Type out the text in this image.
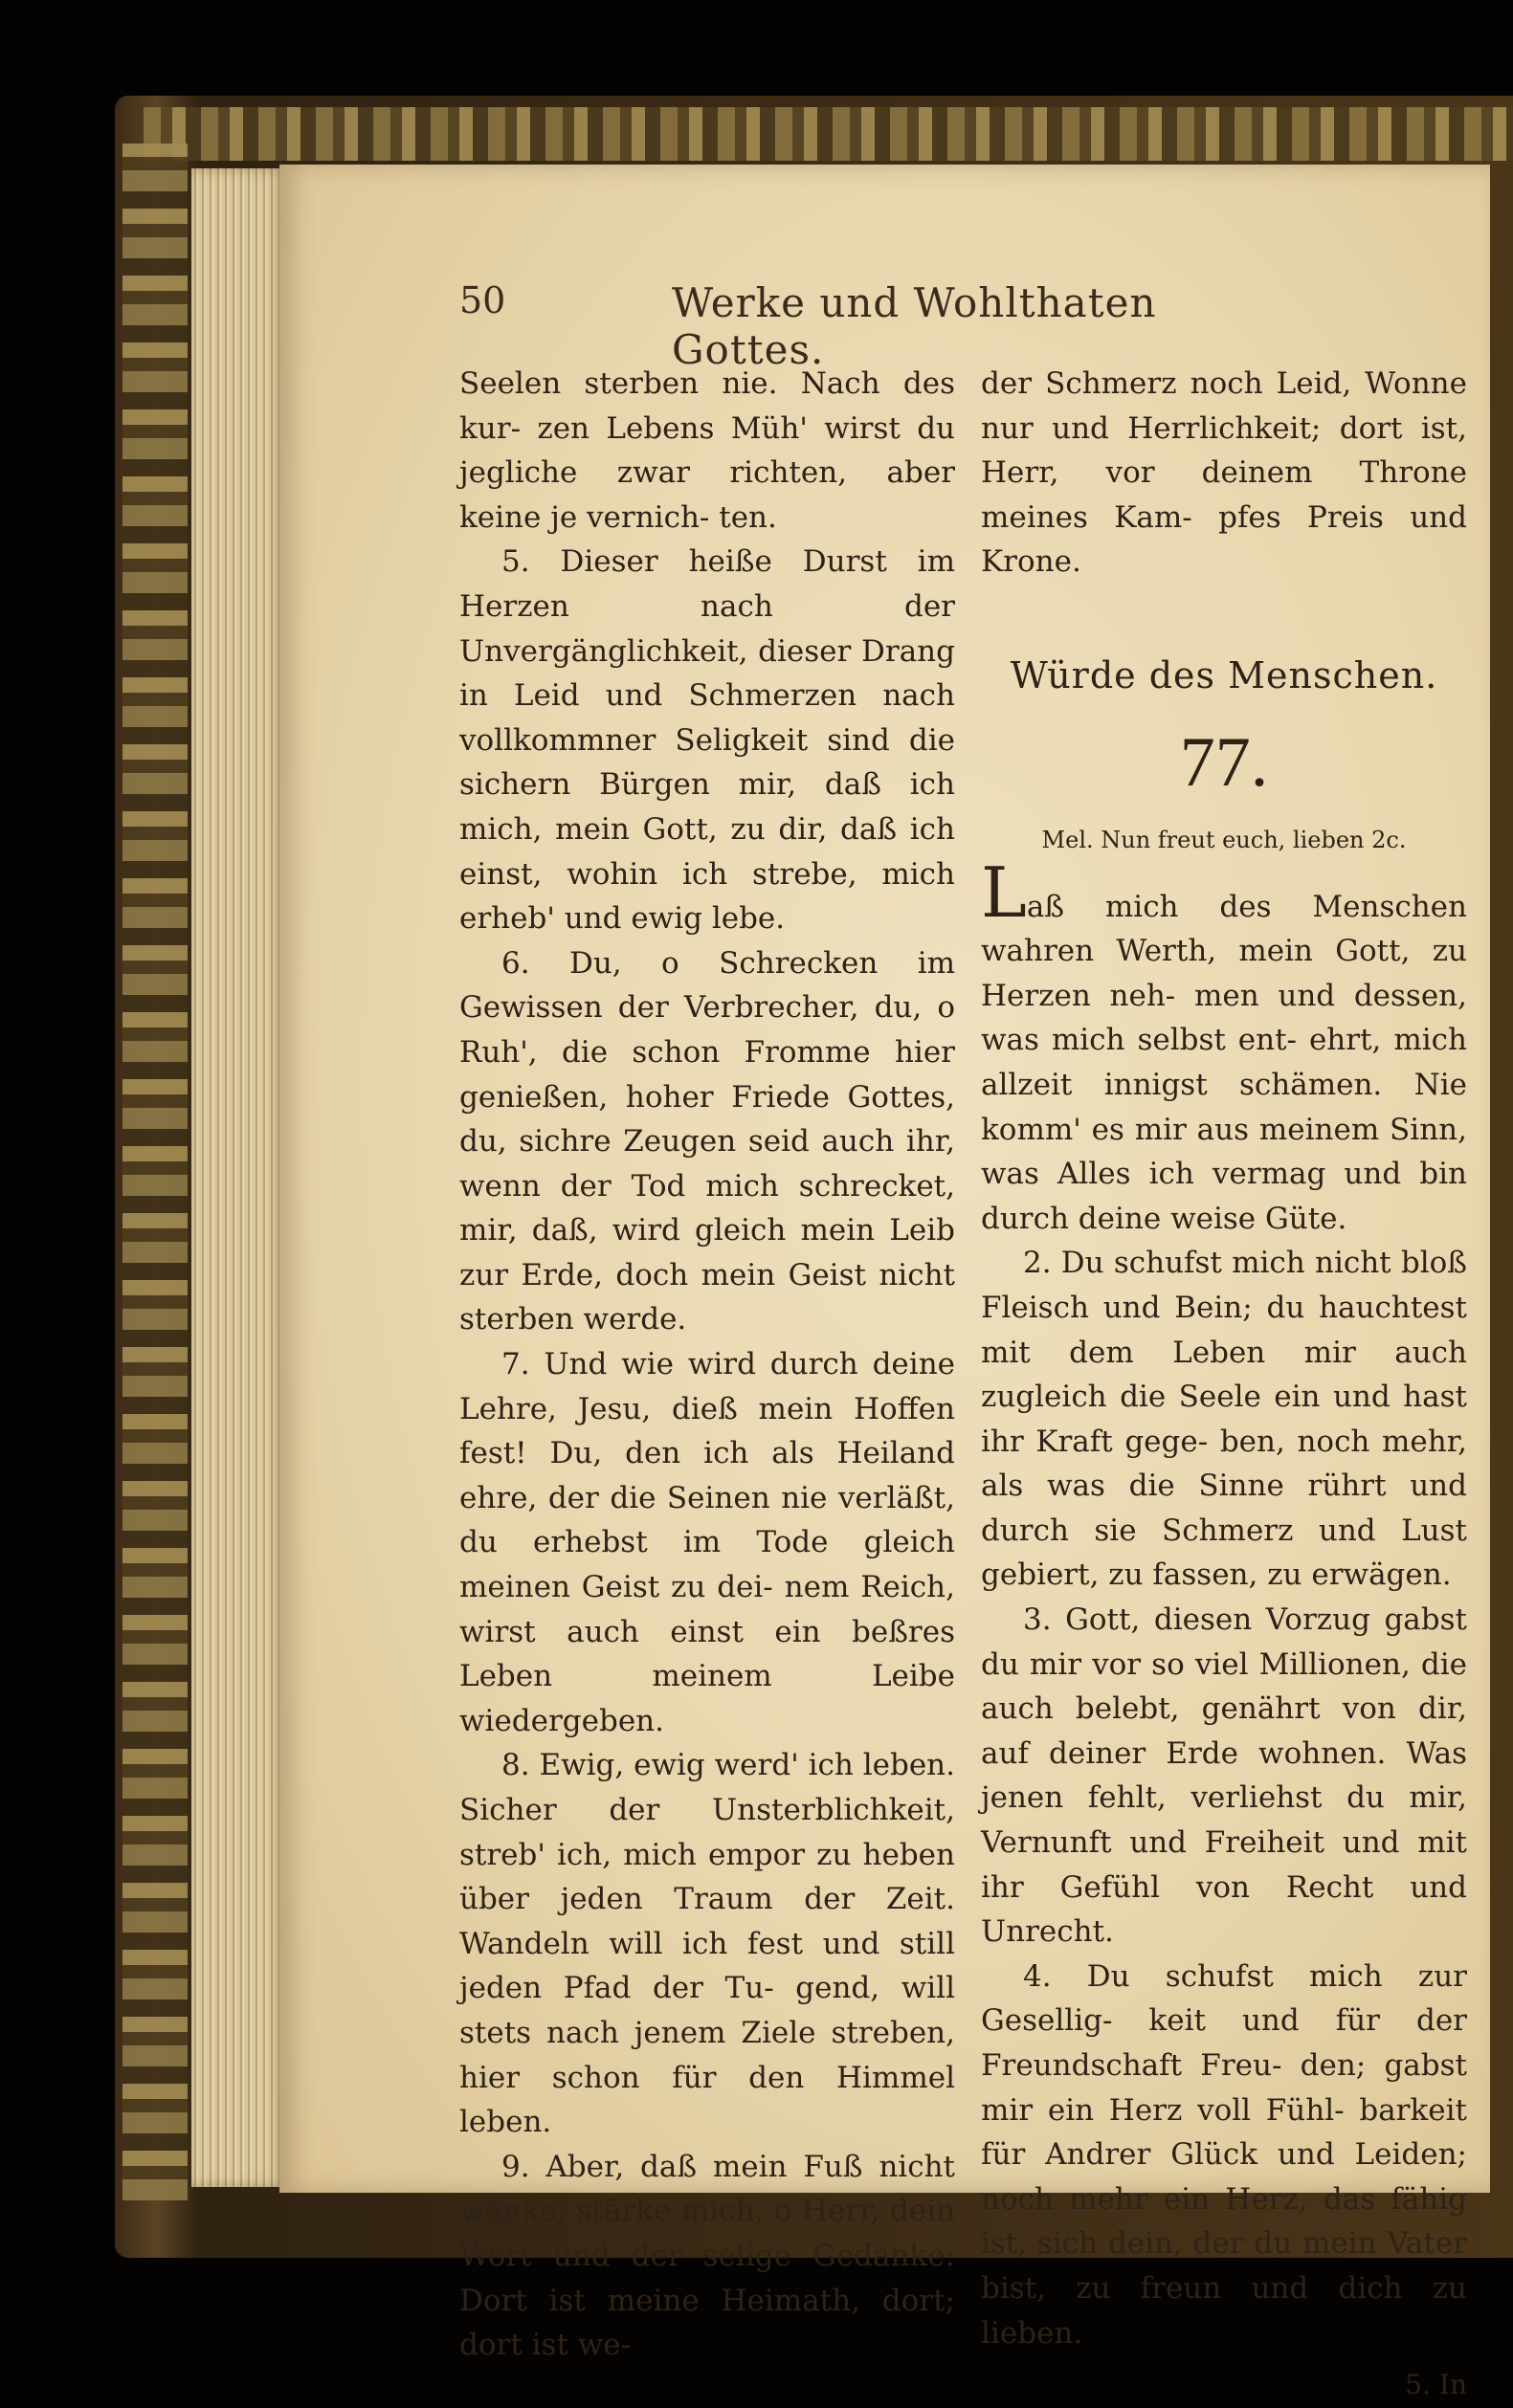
50	Werke und Wohlthaten Gottes.

Seelen sterben nie. Nach des kur- zen Lebens Müh' wirst du jegliche zwar richten, aber keine je vernich- ten.

5. Dieser heiße Durst im Herzen nach der Unvergänglichkeit, dieser Drang in Leid und Schmerzen nach vollkommner Seligkeit sind die sichern Bürgen mir, daß ich mich, mein Gott, zu dir, daß ich einst, wohin ich strebe, mich erheb' und ewig lebe.

6. Du, o Schrecken im Gewissen der Verbrecher, du, o Ruh', die schon Fromme hier genießen, hoher Friede Gottes, du, sichre Zeugen seid auch ihr, wenn der Tod mich schrecket, mir, daß, wird gleich mein Leib zur Erde, doch mein Geist nicht sterben werde.

7. Und wie wird durch deine Lehre, Jesu, dieß mein Hoffen fest! Du, den ich als Heiland ehre, der die Seinen nie verläßt, du erhebst im Tode gleich meinen Geist zu dei- nem Reich, wirst auch einst ein beßres Leben meinem Leibe wiedergeben.

8. Ewig, ewig werd' ich leben. Sicher der Unsterblichkeit, streb' ich, mich empor zu heben über jeden Traum der Zeit. Wandeln will ich fest und still jeden Pfad der Tu- gend, will stets nach jenem Ziele streben, hier schon für den Himmel leben.

9. Aber, daß mein Fuß nicht wanke, stärke mich, o Herr, dein Wort und der selige Gedanke: Dort ist meine Heimath, dort; dort ist we-

der Schmerz noch Leid, Wonne nur und Herrlichkeit; dort ist, Herr, vor deinem Throne meines Kam- pfes Preis und Krone.

Würde des Menschen.
77.
Mel. Nun freut euch, lieben 2c.

Laß mich des Menschen wahren Werth, mein Gott, zu Herzen neh- men und dessen, was mich selbst ent- ehrt, mich allzeit innigst schämen. Nie komm' es mir aus meinem Sinn, was Alles ich vermag und bin durch deine weise Güte.

2. Du schufst mich nicht bloß Fleisch und Bein; du hauchtest mit dem Leben mir auch zugleich die Seele ein und hast ihr Kraft gege- ben, noch mehr, als was die Sinne rührt und durch sie Schmerz und Lust gebiert, zu fassen, zu erwägen.

3. Gott, diesen Vorzug gabst du mir vor so viel Millionen, die auch belebt, genährt von dir, auf deiner Erde wohnen. Was jenen fehlt, verliehst du mir, Vernunft und Freiheit und mit ihr Gefühl von Recht und Unrecht.

4. Du schufst mich zur Gesellig- keit und für der Freundschaft Freu- den; gabst mir ein Herz voll Fühl- barkeit für Andrer Glück und Leiden; noch mehr ein Herz, das fähig ist, sich dein, der du mein Vater bist, zu freun und dich zu lieben.

5. In
